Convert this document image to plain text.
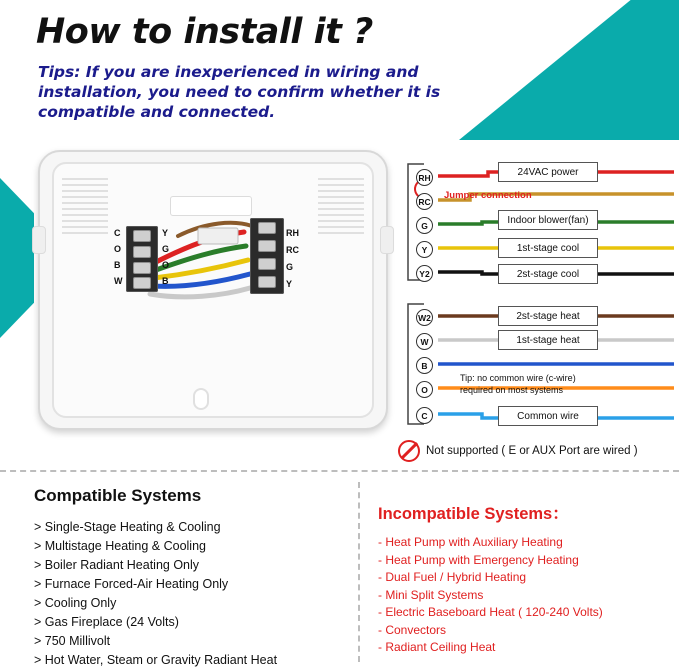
How to install it ?
Tips: If you are inexperienced in wiring and installation, you need to confirm whether it is compatible and connected.
C
O
B
W
Y
G
O
B
RH
RC
G
Y
RH
RC
G
Y
Y2
24VAC power
Indoor blower(fan)
1st-stage cool
2st-stage cool
Jumper connection
W2
W
B
O
C
2st-stage heat
1st-stage heat
Common wire
Tip: no common wire (c-wire)
required on most systems
Not supported ( E or AUX Port are wired )
Compatible Systems
> Single-Stage Heating & Cooling
> Multistage Heating & Cooling
> Boiler Radiant Heating Only
> Furnace Forced-Air Heating Only
> Cooling Only
> Gas Fireplace (24 Volts)
> 750 Millivolt
> Hot Water, Steam or Gravity Radiant Heat
Incompatible Systems：
- Heat Pump with Auxiliary Heating
- Heat Pump with Emergency Heating
- Dual Fuel / Hybrid Heating
- Mini Split Systems
- Electric Baseboard Heat ( 120-240 Volts)
- Convectors
- Radiant Ceiling Heat
